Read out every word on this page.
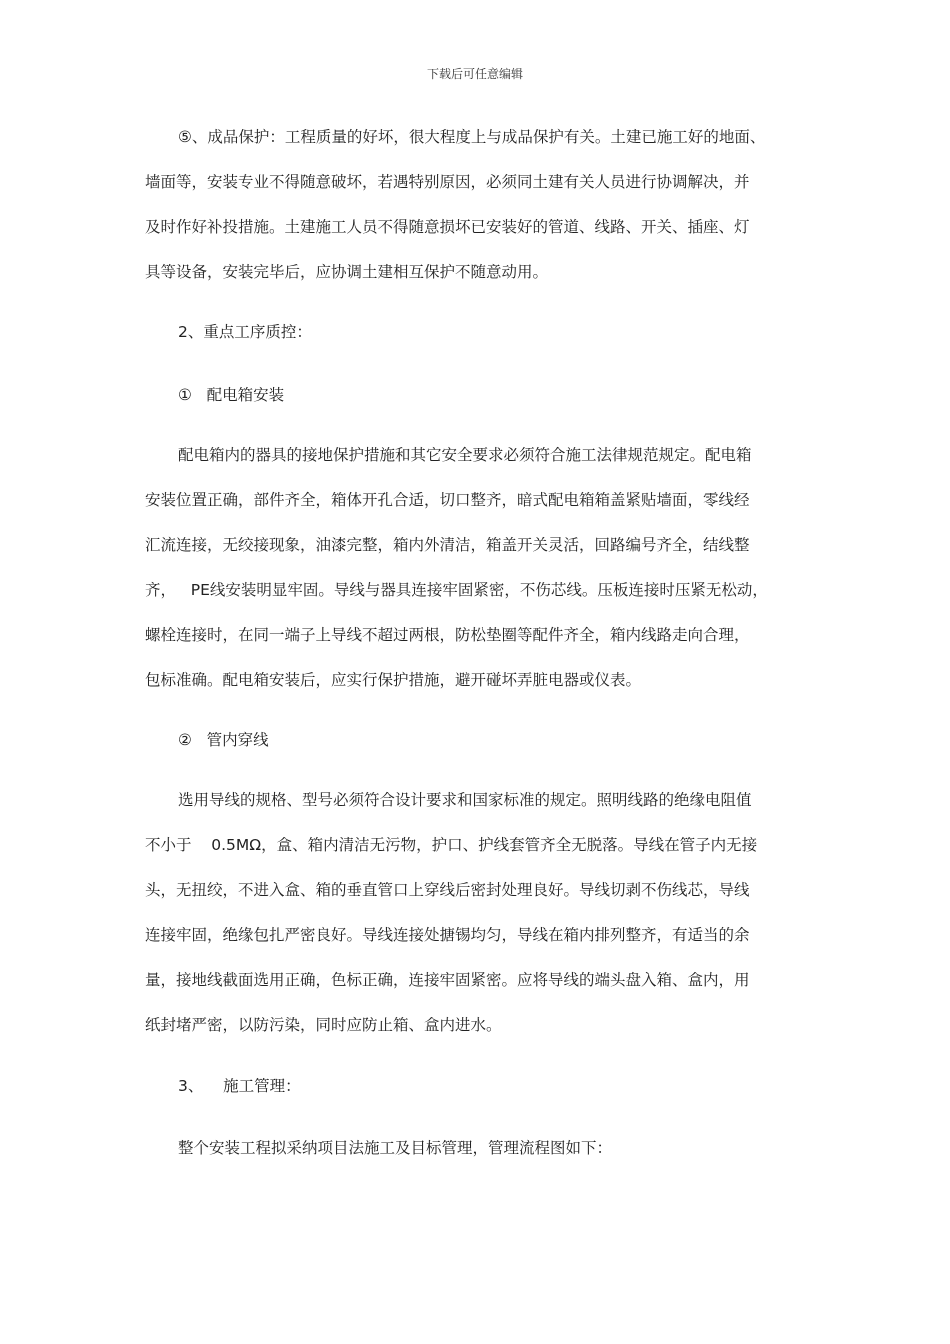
下载后可任意编辑
⑤、成品保护：工程质量的好坏，很大程度上与成品保护有关。土建已施工好的地面、
墙面等，安装专业不得随意破坏，若遇特别原因，必须同土建有关人员进行协调解决，并
及时作好补投措施。土建施工人员不得随意损坏已安装好的管道、线路、开关、插座、灯
具等设备，安装完毕后，应协调土建相互保护不随意动用。
2、重点工序质控：
①   配电箱安装
配电箱内的器具的接地保护措施和其它安全要求必须符合施工法律规范规定。配电箱
安装位置正确，部件齐全，箱体开孔合适，切口整齐，暗式配电箱箱盖紧贴墙面，零线经
汇流连接，无绞接现象，油漆完整，箱内外清洁，箱盖开关灵活，回路编号齐全，结线整
齐，   PE线安装明显牢固。导线与器具连接牢固紧密，不伤芯线。压板连接时压紧无松动，
螺栓连接时，在同一端子上导线不超过两根，防松垫圈等配件齐全，箱内线路走向合理，
包标准确。配电箱安装后，应实行保护措施，避开碰坏弄脏电器或仪表。
②   管内穿线
选用导线的规格、型号必须符合设计要求和国家标准的规定。照明线路的绝缘电阻值
不小于    0.5MΩ，盒、箱内清洁无污物，护口、护线套管齐全无脱落。导线在管子内无接
头，无扭绞，不进入盒、箱的垂直管口上穿线后密封处理良好。导线切剥不伤线芯，导线
连接牢固，绝缘包扎严密良好。导线连接处搪锡均匀，导线在箱内排列整齐，有适当的余
量，接地线截面选用正确，色标正确，连接牢固紧密。应将导线的端头盘入箱、盒内，用
纸封堵严密，以防污染，同时应防止箱、盒内进水。
3、    施工管理：
整个安装工程拟采纳项目法施工及目标管理，管理流程图如下：
